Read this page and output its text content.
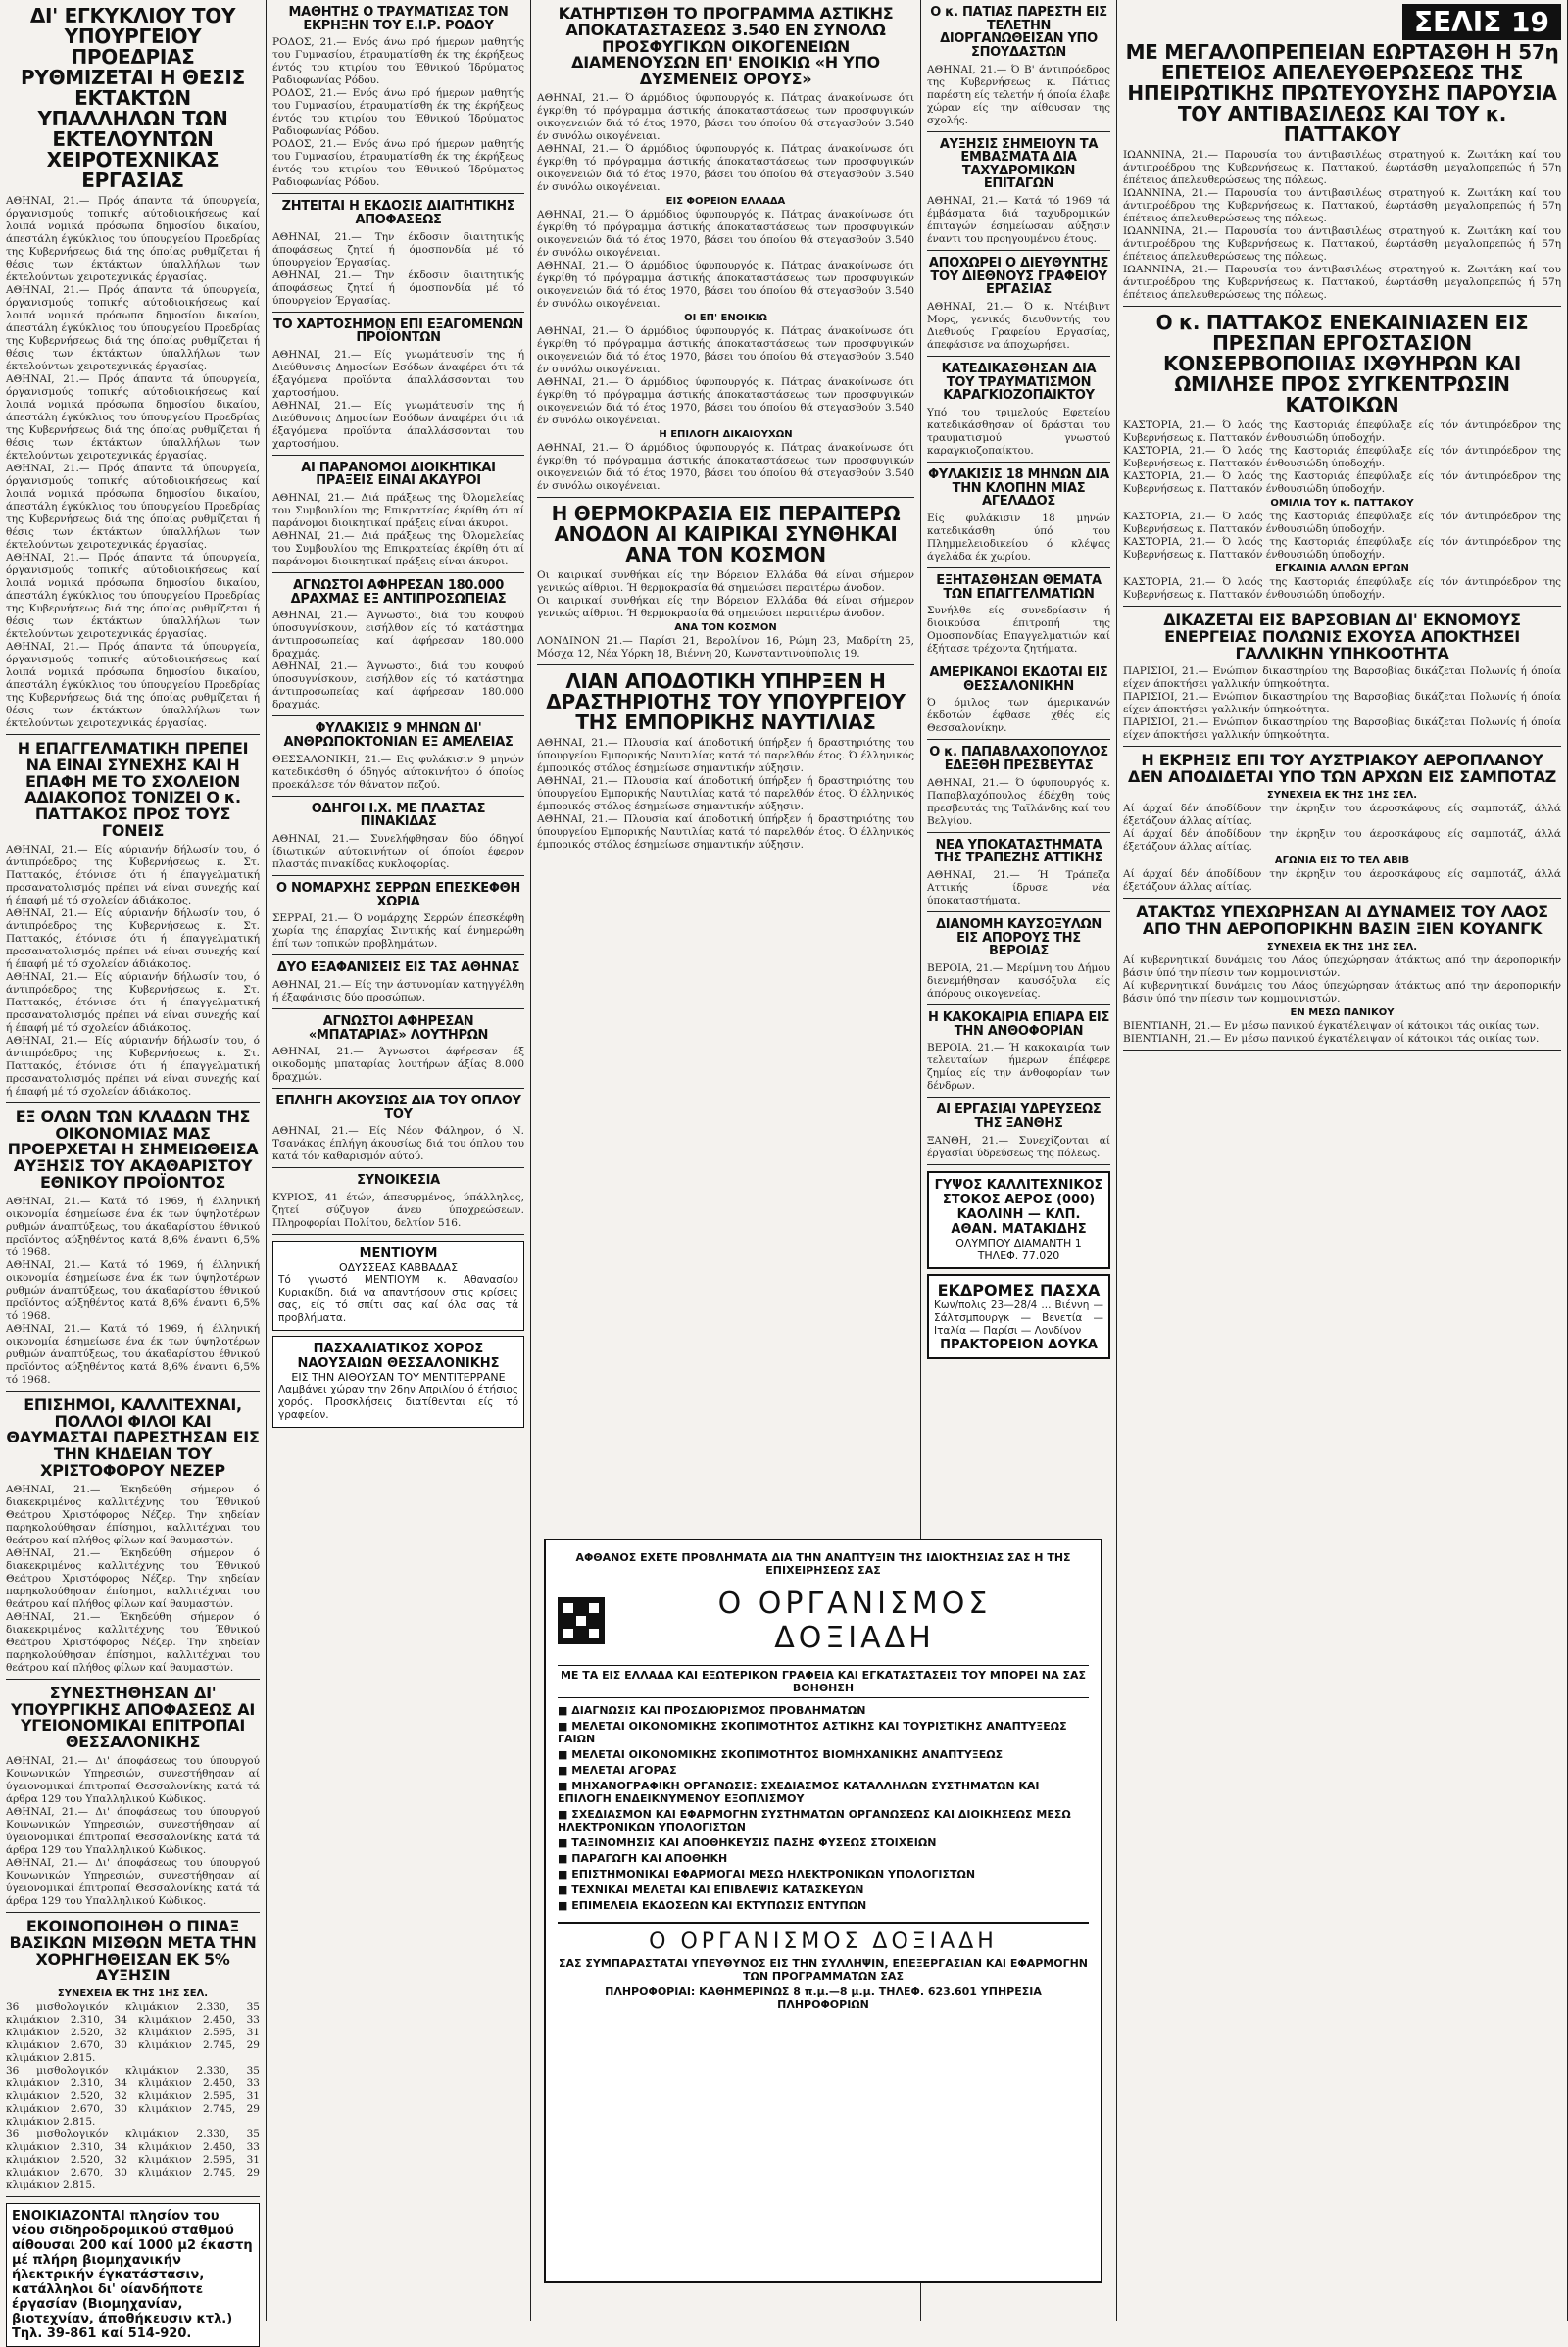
ΔΙ' ΕΓΚΥΚΛΙΟΥ ΤΟΥ ΥΠΟΥΡΓΕΙΟΥ ΠΡΟΕΔΡΙΑΣ ΡΥΘΜΙΖΕΤΑΙ Η ΘΕΣΙΣ ΕΚΤΑΚΤΩΝ ΥΠΑΛΛΗΛΩΝ ΤΩΝ ΕΚΤΕΛΟΥΝΤΩΝ ΧΕΙΡΟΤΕΧΝΙΚΑΣ ΕΡΓΑΣΙΑΣ
ΑΘΗΝΑΙ, 21.— Πρός άπαντα τά ύπουργεία, όργανισμούς τοπικής αύτοδιοικήσεως καί λοιπά νομικά πρόσωπα δημοσίου δικαίου, άπεστάλη έγκύκλιος του ύπουργείου Προεδρίας της Κυβερνήσεως διά της όποίας ρυθμίζεται ή θέσις των έκτάκτων ύπαλλήλων των έκτελούντων χειροτεχνικάς έργασίας.
ΑΘΗΝΑΙ, 21.— Πρός άπαντα τά ύπουργεία, όργανισμούς τοπικής αύτοδιοικήσεως καί λοιπά νομικά πρόσωπα δημοσίου δικαίου, άπεστάλη έγκύκλιος του ύπουργείου Προεδρίας της Κυβερνήσεως διά της όποίας ρυθμίζεται ή θέσις των έκτάκτων ύπαλλήλων των έκτελούντων χειροτεχνικάς έργασίας.
ΑΘΗΝΑΙ, 21.— Πρός άπαντα τά ύπουργεία, όργανισμούς τοπικής αύτοδιοικήσεως καί λοιπά νομικά πρόσωπα δημοσίου δικαίου, άπεστάλη έγκύκλιος του ύπουργείου Προεδρίας της Κυβερνήσεως διά της όποίας ρυθμίζεται ή θέσις των έκτάκτων ύπαλλήλων των έκτελούντων χειροτεχνικάς έργασίας.
ΑΘΗΝΑΙ, 21.— Πρός άπαντα τά ύπουργεία, όργανισμούς τοπικής αύτοδιοικήσεως καί λοιπά νομικά πρόσωπα δημοσίου δικαίου, άπεστάλη έγκύκλιος του ύπουργείου Προεδρίας της Κυβερνήσεως διά της όποίας ρυθμίζεται ή θέσις των έκτάκτων ύπαλλήλων των έκτελούντων χειροτεχνικάς έργασίας.
ΑΘΗΝΑΙ, 21.— Πρός άπαντα τά ύπουργεία, όργανισμούς τοπικής αύτοδιοικήσεως καί λοιπά νομικά πρόσωπα δημοσίου δικαίου, άπεστάλη έγκύκλιος του ύπουργείου Προεδρίας της Κυβερνήσεως διά της όποίας ρυθμίζεται ή θέσις των έκτάκτων ύπαλλήλων των έκτελούντων χειροτεχνικάς έργασίας.
ΑΘΗΝΑΙ, 21.— Πρός άπαντα τά ύπουργεία, όργανισμούς τοπικής αύτοδιοικήσεως καί λοιπά νομικά πρόσωπα δημοσίου δικαίου, άπεστάλη έγκύκλιος του ύπουργείου Προεδρίας της Κυβερνήσεως διά της όποίας ρυθμίζεται ή θέσις των έκτάκτων ύπαλλήλων των έκτελούντων χειροτεχνικάς έργασίας.
Η ΕΠΑΓΓΕΛΜΑΤΙΚΗ ΠΡΕΠΕΙ ΝΑ ΕΙΝΑΙ ΣΥΝΕΧΗΣ ΚΑΙ Η ΕΠΑΦΗ ΜΕ ΤΟ ΣΧΟΛΕΙΟΝ ΑΔΙΑΚΟΠΟΣ ΤΟΝΙΖΕΙ Ο κ. ΠΑΤΤΑΚΟΣ ΠΡΟΣ ΤΟΥΣ ΓΟΝΕΙΣ
ΑΘΗΝΑΙ, 21.— Είς αύριανήν δήλωσίν του, ό άντιπρόεδρος της Κυβερνήσεως κ. Στ. Παττακός, έτόνισε ότι ή έπαγγελματική προσανατολισμός πρέπει νά είναι συνεχής καί ή έπαφή μέ τό σχολείον άδιάκοπος.
ΑΘΗΝΑΙ, 21.— Είς αύριανήν δήλωσίν του, ό άντιπρόεδρος της Κυβερνήσεως κ. Στ. Παττακός, έτόνισε ότι ή έπαγγελματική προσανατολισμός πρέπει νά είναι συνεχής καί ή έπαφή μέ τό σχολείον άδιάκοπος.
ΑΘΗΝΑΙ, 21.— Είς αύριανήν δήλωσίν του, ό άντιπρόεδρος της Κυβερνήσεως κ. Στ. Παττακός, έτόνισε ότι ή έπαγγελματική προσανατολισμός πρέπει νά είναι συνεχής καί ή έπαφή μέ τό σχολείον άδιάκοπος.
ΑΘΗΝΑΙ, 21.— Είς αύριανήν δήλωσίν του, ό άντιπρόεδρος της Κυβερνήσεως κ. Στ. Παττακός, έτόνισε ότι ή έπαγγελματική προσανατολισμός πρέπει νά είναι συνεχής καί ή έπαφή μέ τό σχολείον άδιάκοπος.
ΕΞ ΟΛΩΝ ΤΩΝ ΚΛΑΔΩΝ ΤΗΣ ΟΙΚΟΝΟΜΙΑΣ ΜΑΣ ΠΡΟΕΡΧΕΤΑΙ Η ΣΗΜΕΙΩΘΕΙΣΑ ΑΥΞΗΣΙΣ ΤΟΥ ΑΚΑΘΑΡΙΣΤΟΥ ΕΘΝΙΚΟΥ ΠΡΟΪΟΝΤΟΣ
ΑΘΗΝΑΙ, 21.— Κατά τό 1969, ή έλληνική οικονομία έσημείωσε ένα έκ των ύψηλοτέρων ρυθμών άναπτύξεως, του άκαθαρίστου έθνικού προϊόντος αύξηθέντος κατά 8,6% έναντι 6,5% τό 1968.
ΑΘΗΝΑΙ, 21.— Κατά τό 1969, ή έλληνική οικονομία έσημείωσε ένα έκ των ύψηλοτέρων ρυθμών άναπτύξεως, του άκαθαρίστου έθνικού προϊόντος αύξηθέντος κατά 8,6% έναντι 6,5% τό 1968.
ΑΘΗΝΑΙ, 21.— Κατά τό 1969, ή έλληνική οικονομία έσημείωσε ένα έκ των ύψηλοτέρων ρυθμών άναπτύξεως, του άκαθαρίστου έθνικού προϊόντος αύξηθέντος κατά 8,6% έναντι 6,5% τό 1968.
ΕΠΙΣΗΜΟΙ, ΚΑΛΛΙΤΕΧΝΑΙ, ΠΟΛΛΟΙ ΦΙΛΟΙ ΚΑΙ ΘΑΥΜΑΣΤΑΙ ΠΑΡΕΣΤΗΣΑΝ ΕΙΣ ΤΗΝ ΚΗΔΕΙΑΝ ΤΟΥ ΧΡΙΣΤΟΦΟΡΟΥ ΝΕΖΕΡ
ΑΘΗΝΑΙ, 21.— Έκηδεύθη σήμερον ό διακεκριμένος καλλιτέχνης του Έθνικού Θεάτρου Χριστόφορος Νέζερ. Την κηδείαν παρηκολούθησαν έπίσημοι, καλλιτέχναι του θεάτρου καί πλήθος φίλων καί θαυμαστών.
ΑΘΗΝΑΙ, 21.— Έκηδεύθη σήμερον ό διακεκριμένος καλλιτέχνης του Έθνικού Θεάτρου Χριστόφορος Νέζερ. Την κηδείαν παρηκολούθησαν έπίσημοι, καλλιτέχναι του θεάτρου καί πλήθος φίλων καί θαυμαστών.
ΑΘΗΝΑΙ, 21.— Έκηδεύθη σήμερον ό διακεκριμένος καλλιτέχνης του Έθνικού Θεάτρου Χριστόφορος Νέζερ. Την κηδείαν παρηκολούθησαν έπίσημοι, καλλιτέχναι του θεάτρου καί πλήθος φίλων καί θαυμαστών.
ΣΥΝΕΣΤΗΘΗΣΑΝ ΔΙ' ΥΠΟΥΡΓΙΚΗΣ ΑΠΟΦΑΣΕΩΣ ΑΙ ΥΓΕΙΟΝΟΜΙΚΑΙ ΕΠΙΤΡΟΠΑΙ ΘΕΣΣΑΛΟΝΙΚΗΣ
ΑΘΗΝΑΙ, 21.— Δι' άποφάσεως του ύπουργού Κοινωνικών Υπηρεσιών, συνεστήθησαν αί ύγειονομικαί έπιτροπαί Θεσσαλονίκης κατά τά άρθρα 129 του Υπαλληλικού Κώδικος.
ΑΘΗΝΑΙ, 21.— Δι' άποφάσεως του ύπουργού Κοινωνικών Υπηρεσιών, συνεστήθησαν αί ύγειονομικαί έπιτροπαί Θεσσαλονίκης κατά τά άρθρα 129 του Υπαλληλικού Κώδικος.
ΑΘΗΝΑΙ, 21.— Δι' άποφάσεως του ύπουργού Κοινωνικών Υπηρεσιών, συνεστήθησαν αί ύγειονομικαί έπιτροπαί Θεσσαλονίκης κατά τά άρθρα 129 του Υπαλληλικού Κώδικος.
ΕΚΟΙΝΟΠΟΙΗΘΗ Ο ΠΙΝΑΞ ΒΑΣΙΚΩΝ ΜΙΣΘΩΝ ΜΕΤΑ ΤΗΝ ΧΟΡΗΓΗΘΕΙΣΑΝ ΕΚ 5% ΑΥΞΗΣΙΝ
ΣΥΝΕΧΕΙΑ ΕΚ ΤΗΣ 1ΗΣ ΣΕΛ.
36 μισθολογικόν κλιμάκιον 2.330, 35 κλιμάκιον 2.310, 34 κλιμάκιον 2.450, 33 κλιμάκιον 2.520, 32 κλιμάκιον 2.595, 31 κλιμάκιον 2.670, 30 κλιμάκιον 2.745, 29 κλιμάκιον 2.815.
36 μισθολογικόν κλιμάκιον 2.330, 35 κλιμάκιον 2.310, 34 κλιμάκιον 2.450, 33 κλιμάκιον 2.520, 32 κλιμάκιον 2.595, 31 κλιμάκιον 2.670, 30 κλιμάκιον 2.745, 29 κλιμάκιον 2.815.
36 μισθολογικόν κλιμάκιον 2.330, 35 κλιμάκιον 2.310, 34 κλιμάκιον 2.450, 33 κλιμάκιον 2.520, 32 κλιμάκιον 2.595, 31 κλιμάκιον 2.670, 30 κλιμάκιον 2.745, 29 κλιμάκιον 2.815.
ΕΝΟΙΚΙΑΖΟΝΤΑΙ πλησίον του νέου σιδηροδρομικού σταθμού αίθουσαι 200 καί 1000 μ2 έκαστη μέ πλήρη βιομηχανικήν ήλεκτρικήν έγκατάστασιν, κατάλληλοι δι' οίανδήποτε έργασίαν (Βιομηχανίαν, βιοτεχνίαν, άποθήκευσιν κτλ.) Τηλ. 39-861 καί 514-920.
ΜΑΘΗΤΗΣ Ο ΤΡΑΥΜΑΤΙΣΑΣ ΤΟΝ ΕΚΡΗΞΗΝ ΤΟΥ Ε.Ι.Ρ. ΡΟΔΟΥ
ΡΟΔΟΣ, 21.— Ενός άνω πρό ήμερων μαθητής του Γυμνασίου, έτραυματίσθη έκ της έκρήξεως έντός του κτιρίου του Έθνικού Ίδρύματος Ραδιοφωνίας Ρόδου.
ΡΟΔΟΣ, 21.— Ενός άνω πρό ήμερων μαθητής του Γυμνασίου, έτραυματίσθη έκ της έκρήξεως έντός του κτιρίου του Έθνικού Ίδρύματος Ραδιοφωνίας Ρόδου.
ΡΟΔΟΣ, 21.— Ενός άνω πρό ήμερων μαθητής του Γυμνασίου, έτραυματίσθη έκ της έκρήξεως έντός του κτιρίου του Έθνικού Ίδρύματος Ραδιοφωνίας Ρόδου.
ΖΗΤΕΙΤΑΙ Η ΕΚΔΟΣΙΣ ΔΙΑΙΤΗΤΙΚΗΣ ΑΠΟΦΑΣΕΩΣ
ΑΘΗΝΑΙ, 21.— Την έκδοσιν διαιτητικής άποφάσεως ζητεί ή όμοσπονδία μέ τό ύπουργείον Έργασίας.
ΑΘΗΝΑΙ, 21.— Την έκδοσιν διαιτητικής άποφάσεως ζητεί ή όμοσπονδία μέ τό ύπουργείον Έργασίας.
ΤΟ ΧΑΡΤΟΣΗΜΟΝ ΕΠΙ ΕΞΑΓΟΜΕΝΩΝ ΠΡΟΪΟΝΤΩΝ
ΑΘΗΝΑΙ, 21.— Είς γνωμάτευσίν της ή Διεύθυνσις Δημοσίων Εσόδων άναφέρει ότι τά έξαγόμενα προϊόντα άπαλλάσσονται του χαρτοσήμου.
ΑΘΗΝΑΙ, 21.— Είς γνωμάτευσίν της ή Διεύθυνσις Δημοσίων Εσόδων άναφέρει ότι τά έξαγόμενα προϊόντα άπαλλάσσονται του χαρτοσήμου.
ΑΙ ΠΑΡΑΝΟΜΟΙ ΔΙΟΙΚΗΤΙΚΑΙ ΠΡΑΞΕΙΣ ΕΙΝΑΙ ΑΚΑΥΡΟΙ
ΑΘΗΝΑΙ, 21.— Διά πράξεως της Όλομελείας του Συμβουλίου της Επικρατείας έκρίθη ότι αί παράνομοι διοικητικαί πράξεις είναι άκυροι.
ΑΘΗΝΑΙ, 21.— Διά πράξεως της Όλομελείας του Συμβουλίου της Επικρατείας έκρίθη ότι αί παράνομοι διοικητικαί πράξεις είναι άκυροι.
ΑΓΝΩΣΤΟΙ ΑΦΗΡΕΣΑΝ 180.000 ΔΡΑΧΜΑΣ ΕΞ ΑΝΤΙΠΡΟΣΩΠΕΙΑΣ
ΑΘΗΝΑΙ, 21.— Άγνωστοι, διά του κουφού ύποσυγνίσκουν, εισήλθον είς τό κατάστημα άντιπροσωπείας καί άφήρεσαν 180.000 δραχμάς.
ΑΘΗΝΑΙ, 21.— Άγνωστοι, διά του κουφού ύποσυγνίσκουν, εισήλθον είς τό κατάστημα άντιπροσωπείας καί άφήρεσαν 180.000 δραχμάς.
ΦΥΛΑΚΙΣΙΣ 9 ΜΗΝΩΝ ΔΙ' ΑΝΘΡΩΠΟΚΤΟΝΙΑΝ ΕΞ ΑΜΕΛΕΙΑΣ
ΘΕΣΣΑΛΟΝΙΚΗ, 21.— Εις φυλάκισιν 9 μηνών κατεδικάσθη ό όδηγός αύτοκινήτου ό όποίος προεκάλεσε τόν θάνατον πεζού.
ΟΔΗΓΟΙ Ι.Χ. ΜΕ ΠΛΑΣΤΑΣ ΠΙΝΑΚΙΔΑΣ
ΑΘΗΝΑΙ, 21.— Συνελήφθησαν δύο όδηγοί ίδιωτικών αύτοκινήτων οί όποίοι έφερον πλαστάς πινακίδας κυκλοφορίας.
Ο ΝΟΜΑΡΧΗΣ ΣΕΡΡΩΝ ΕΠΕΣΚΕΦΘΗ ΧΩΡΙΑ
ΣΕΡΡΑΙ, 21.— Ό νομάρχης Σερρών έπεσκέφθη χωρία της έπαρχίας Σιντικής καί ένημερώθη έπί των τοπικών προβλημάτων.
ΔΥΟ ΕΞΑΦΑΝΙΣΕΙΣ ΕΙΣ ΤΑΣ ΑΘΗΝΑΣ
ΑΘΗΝΑΙ, 21.— Είς την άστυνομίαν κατηγγέλθη ή έξαφάνισις δύο προσώπων.
ΑΓΝΩΣΤΟΙ ΑΦΗΡΕΣΑΝ «ΜΠΑΤΑΡΙΑΣ» ΛΟΥΤΗΡΩΝ
ΑΘΗΝΑΙ, 21.— Άγνωστοι άφήρεσαν έξ οικοδομής μπαταρίας λουτήρων άξίας 8.000 δραχμών.
ΕΠΛΗΓΗ ΑΚΟΥΣΙΩΣ ΔΙΑ ΤΟΥ ΟΠΛΟΥ ΤΟΥ
ΑΘΗΝΑΙ, 21.— Είς Νέον Φάληρον, ό Ν. Τσανάκας έπλήγη άκουσίως διά του όπλου του κατά τόν καθαρισμόν αύτού.
ΣΥΝΟΙΚΕΣΙΑ
ΚΥΡΙΟΣ, 41 έτών, άπεσυρμένος, ύπάλληλος, ζητεί σύζυγον άνευ ύποχρεώσεων. Πληροφορίαι Πολίτου, δελτίον 516.
ΜΕΝΤΙΟΥΜ
ΟΔΥΣΣΕΑΣ ΚΑΒΒΑΔΑΣ
Τό γνωστό ΜΕΝΤΙΟΥΜ κ. Αθανασίου Κυριακίδη, διά να απαντήσουν στις κρίσεις σας, είς τό σπίτι σας καί όλα σας τά προβλήματα.
ΠΑΣΧΑΛΙΑΤΙΚΟΣ ΧΟΡΟΣ ΝΑΟΥΣΑΙΩΝ ΘΕΣΣΑΛΟΝΙΚΗΣ
ΕΙΣ ΤΗΝ ΑΙΘΟΥΣΑΝ ΤΟΥ ΜΕΝΤΙΤΕΡΡΑΝΕ
Λαμβάνει χώραν την 26ην Απριλίου ό έτήσιος χορός. Προσκλήσεις διατίθενται είς τό γραφείον.
ΚΑΤΗΡΤΙΣΘΗ ΤΟ ΠΡΟΓΡΑΜΜΑ ΑΣΤΙΚΗΣ ΑΠΟΚΑΤΑΣΤΑΣΕΩΣ 3.540 ΕΝ ΣΥΝΟΛΩ ΠΡΟΣΦΥΓΙΚΩΝ ΟΙΚΟΓΕΝΕΙΩΝ ΔΙΑΜΕΝΟΥΣΩΝ ΕΠ' ΕΝΟΙΚΙΩ «Η ΥΠΟ ΔΥΣΜΕΝΕΙΣ ΟΡΟΥΣ»
ΑΘΗΝΑΙ, 21.— Ό άρμόδιος ύφυπουργός κ. Πάτρας άνακοίνωσε ότι έγκρίθη τό πρόγραμμα άστικής άποκαταστάσεως των προσφυγικών οικογενειών διά τό έτος 1970, βάσει του όποίου θά στεγασθούν 3.540 έν συνόλω οικογένειαι.
ΑΘΗΝΑΙ, 21.— Ό άρμόδιος ύφυπουργός κ. Πάτρας άνακοίνωσε ότι έγκρίθη τό πρόγραμμα άστικής άποκαταστάσεως των προσφυγικών οικογενειών διά τό έτος 1970, βάσει του όποίου θά στεγασθούν 3.540 έν συνόλω οικογένειαι.
ΕΙΣ ΦΟΡΕΙΟΝ ΕΛΛΑΔΑ
ΑΘΗΝΑΙ, 21.— Ό άρμόδιος ύφυπουργός κ. Πάτρας άνακοίνωσε ότι έγκρίθη τό πρόγραμμα άστικής άποκαταστάσεως των προσφυγικών οικογενειών διά τό έτος 1970, βάσει του όποίου θά στεγασθούν 3.540 έν συνόλω οικογένειαι.
ΑΘΗΝΑΙ, 21.— Ό άρμόδιος ύφυπουργός κ. Πάτρας άνακοίνωσε ότι έγκρίθη τό πρόγραμμα άστικής άποκαταστάσεως των προσφυγικών οικογενειών διά τό έτος 1970, βάσει του όποίου θά στεγασθούν 3.540 έν συνόλω οικογένειαι.
ΟΙ ΕΠ' ΕΝΟΙΚΙΩ
ΑΘΗΝΑΙ, 21.— Ό άρμόδιος ύφυπουργός κ. Πάτρας άνακοίνωσε ότι έγκρίθη τό πρόγραμμα άστικής άποκαταστάσεως των προσφυγικών οικογενειών διά τό έτος 1970, βάσει του όποίου θά στεγασθούν 3.540 έν συνόλω οικογένειαι.
ΑΘΗΝΑΙ, 21.— Ό άρμόδιος ύφυπουργός κ. Πάτρας άνακοίνωσε ότι έγκρίθη τό πρόγραμμα άστικής άποκαταστάσεως των προσφυγικών οικογενειών διά τό έτος 1970, βάσει του όποίου θά στεγασθούν 3.540 έν συνόλω οικογένειαι.
Η ΕΠΙΛΟΓΗ ΔΙΚΑΙΟΥΧΩΝ
ΑΘΗΝΑΙ, 21.— Ό άρμόδιος ύφυπουργός κ. Πάτρας άνακοίνωσε ότι έγκρίθη τό πρόγραμμα άστικής άποκαταστάσεως των προσφυγικών οικογενειών διά τό έτος 1970, βάσει του όποίου θά στεγασθούν 3.540 έν συνόλω οικογένειαι.
Η ΘΕΡΜΟΚΡΑΣΙΑ ΕΙΣ ΠΕΡΑΙΤΕΡΩ ΑΝΟΔΟΝ ΑΙ ΚΑΙΡΙΚΑΙ ΣΥΝΘΗΚΑΙ ΑΝΑ ΤΟΝ ΚΟΣΜΟΝ
Οι καιρικαί συνθήκαι είς την Βόρειον Ελλάδα θά είναι σήμερον γενικώς αίθριοι. Ή θερμοκρασία θά σημειώσει περαιτέρω άνοδον.
Οι καιρικαί συνθήκαι είς την Βόρειον Ελλάδα θά είναι σήμερον γενικώς αίθριοι. Ή θερμοκρασία θά σημειώσει περαιτέρω άνοδον.
ΑΝΑ ΤΟΝ ΚΟΣΜΟΝ
ΛΟΝΔΙΝΟΝ 21.— Παρίσι 21, Βερολίνον 16, Ρώμη 23, Μαδρίτη 25, Μόσχα 12, Νέα Υόρκη 18, Βιέννη 20, Κωνσταντινούπολις 19.
ΛΙΑΝ ΑΠΟΔΟΤΙΚΗ ΥΠΗΡΞΕΝ Η ΔΡΑΣΤΗΡΙΟΤΗΣ ΤΟΥ ΥΠΟΥΡΓΕΙΟΥ ΤΗΣ ΕΜΠΟΡΙΚΗΣ ΝΑΥΤΙΛΙΑΣ
ΑΘΗΝΑΙ, 21.— Πλουσία καί άποδοτική ύπήρξεν ή δραστηριότης του ύπουργείου Εμπορικής Ναυτιλίας κατά τό παρελθόν έτος. Ό έλληνικός έμπορικός στόλος έσημείωσε σημαντικήν αύξησιν.
ΑΘΗΝΑΙ, 21.— Πλουσία καί άποδοτική ύπήρξεν ή δραστηριότης του ύπουργείου Εμπορικής Ναυτιλίας κατά τό παρελθόν έτος. Ό έλληνικός έμπορικός στόλος έσημείωσε σημαντικήν αύξησιν.
ΑΘΗΝΑΙ, 21.— Πλουσία καί άποδοτική ύπήρξεν ή δραστηριότης του ύπουργείου Εμπορικής Ναυτιλίας κατά τό παρελθόν έτος. Ό έλληνικός έμπορικός στόλος έσημείωσε σημαντικήν αύξησιν.
Ο κ. ΠΑΤΙΑΣ ΠΑΡΕΣΤΗ ΕΙΣ ΤΕΛΕΤΗΝ ΔΙΟΡΓΑΝΩΘΕΙΣΑΝ ΥΠΟ ΣΠΟΥΔΑΣΤΩΝ
ΑΘΗΝΑΙ, 21.— Ό Β' άντιπρόεδρος της Κυβερνήσεως κ. Πάτιας παρέστη είς τελετήν ή όποία έλαβε χώραν είς την αίθουσαν της σχολής.
ΑΥΞΗΣΙΣ ΣΗΜΕΙΟΥΝ ΤΑ ΕΜΒΑΣΜΑΤΑ ΔΙΑ ΤΑΧΥΔΡΟΜΙΚΩΝ ΕΠΙΤΑΓΩΝ
ΑΘΗΝΑΙ, 21.— Κατά τό 1969 τά έμβάσματα διά ταχυδρομικών έπιταγών έσημείωσαν αύξησιν έναντι του προηγουμένου έτους.
ΑΠΟΧΩΡΕΙ Ο ΔΙΕΥΘΥΝΤΗΣ ΤΟΥ ΔΙΕΘΝΟΥΣ ΓΡΑΦΕΙΟΥ ΕΡΓΑΣΙΑΣ
ΑΘΗΝΑΙ, 21.— Ό κ. Ντέιβιντ Μορς, γενικός διευθυντής του Διεθνούς Γραφείου Εργασίας, άπεφάσισε να άποχωρήσει.
ΚΑΤΕΔΙΚΑΣΘΗΣΑΝ ΔΙΑ ΤΟΥ ΤΡΑΥΜΑΤΙΣΜΟΝ ΚΑΡΑΓΚΙΟΖΟΠΑΙΚΤΟΥ
Υπό του τριμελούς Εφετείου κατεδικάσθησαν οί δράσται του τραυματισμού γνωστού καραγκιοζοπαίκτου.
ΦΥΛΑΚΙΣΙΣ 18 ΜΗΝΩΝ ΔΙΑ ΤΗΝ ΚΛΟΠΗΝ ΜΙΑΣ ΑΓΕΛΑΔΟΣ
Είς φυλάκισιν 18 μηνών κατεδικάσθη ύπό του Πλημμελειοδικείου ό κλέψας άγελάδα έκ χωρίου.
ΕΞΗΤΑΣΘΗΣΑΝ ΘΕΜΑΤΑ ΤΩΝ ΕΠΑΓΓΕΛΜΑΤΙΩΝ
Συνήλθε είς συνεδρίασιν ή διοικούσα έπιτροπή της Ομοσπονδίας Επαγγελματιών καί έξήτασε τρέχοντα ζητήματα.
ΑΜΕΡΙΚΑΝΟΙ ΕΚΔΟΤΑΙ ΕΙΣ ΘΕΣΣΑΛΟΝΙΚΗΝ
Ό όμιλος των άμερικανών έκδοτών έφθασε χθές είς Θεσσαλονίκην.
Ο κ. ΠΑΠΑΒΛΑΧΟΠΟΥΛΟΣ ΕΔΕΞΘΗ ΠΡΕΣΒΕΥΤΑΣ
ΑΘΗΝΑΙ, 21.— Ό ύφυπουργός κ. Παπαβλαχόπουλος έδέχθη τούς πρεσβευτάς της Ταϊλάνδης καί του Βελγίου.
ΝΕΑ ΥΠΟΚΑΤΑΣΤΗΜΑΤΑ ΤΗΣ ΤΡΑΠΕΖΗΣ ΑΤΤΙΚΗΣ
ΑΘΗΝΑΙ, 21.— Ή Τράπεζα Αττικής ίδρυσε νέα ύποκαταστήματα.
ΔΙΑΝΟΜΗ ΚΑΥΣΟΞΥΛΩΝ ΕΙΣ ΑΠΟΡΟΥΣ ΤΗΣ ΒΕΡΟΙΑΣ
ΒΕΡΟΙΑ, 21.— Μερίμνη του Δήμου διενεμήθησαν καυσόξυλα είς άπόρους οικογενείας.
Η ΚΑΚΟΚΑΙΡΙΑ ΕΠΙΑΡΑ ΕΙΣ ΤΗΝ ΑΝΘΟΦΟΡΙΑΝ
ΒΕΡΟΙΑ, 21.— Ή κακοκαιρία των τελευταίων ήμερων έπέφερε ζημίας είς την άνθοφορίαν των δένδρων.
ΑΙ ΕΡΓΑΣΙΑΙ ΥΔΡΕΥΣΕΩΣ ΤΗΣ ΞΑΝΘΗΣ
ΞΑΝΘΗ, 21.— Συνεχίζονται αί έργασίαι ύδρεύσεως της πόλεως.
ΓΥΨΟΣ ΚΑΛΛΙΤΕΧΝΙΚΟΣ
ΣΤΟΚΟΣ ΑΕΡΟΣ (000)
ΚΑΟΛΙΝΗ — ΚΛΠ.
ΑΘΑΝ. ΜΑΤΑΚΙΔΗΣ
ΟΛΥΜΠΟΥ ΔΙΑΜΑΝΤΗ 1
ΤΗΛΕΦ. 77.020
ΕΚΔΡΟΜΕΣ ΠΑΣΧΑ
Κων/πολις 23—28/4 ... Βιέννη — Σάλτσμπουργκ — Βενετία — Ιταλία — Παρίσι — Λονδίνον
ΠΡΑΚΤΟΡΕΙΟΝ ΔΟΥΚΑ
ΣΕΛΙΣ 19
ΜΕ ΜΕΓΑΛΟΠΡΕΠΕΙΑΝ ΕΩΡΤΑΣΘΗ Η 57η ΕΠΕΤΕΙΟΣ ΑΠΕΛΕΥΘΕΡΩΣΕΩΣ ΤΗΣ ΗΠΕΙΡΩΤΙΚΗΣ ΠΡΩΤΕΥΟΥΣΗΣ ΠΑΡΟΥΣΙΑ ΤΟΥ ΑΝΤΙΒΑΣΙΛΕΩΣ ΚΑΙ ΤΟΥ κ. ΠΑΤΤΑΚΟΥ
ΙΩΑΝΝΙΝΑ, 21.— Παρουσία του άντιβασιλέως στρατηγού κ. Ζωιτάκη καί του άντιπροέδρου της Κυβερνήσεως κ. Παττακού, έωρτάσθη μεγαλοπρεπώς ή 57η έπέτειος άπελευθερώσεως της πόλεως.
ΙΩΑΝΝΙΝΑ, 21.— Παρουσία του άντιβασιλέως στρατηγού κ. Ζωιτάκη καί του άντιπροέδρου της Κυβερνήσεως κ. Παττακού, έωρτάσθη μεγαλοπρεπώς ή 57η έπέτειος άπελευθερώσεως της πόλεως.
ΙΩΑΝΝΙΝΑ, 21.— Παρουσία του άντιβασιλέως στρατηγού κ. Ζωιτάκη καί του άντιπροέδρου της Κυβερνήσεως κ. Παττακού, έωρτάσθη μεγαλοπρεπώς ή 57η έπέτειος άπελευθερώσεως της πόλεως.
ΙΩΑΝΝΙΝΑ, 21.— Παρουσία του άντιβασιλέως στρατηγού κ. Ζωιτάκη καί του άντιπροέδρου της Κυβερνήσεως κ. Παττακού, έωρτάσθη μεγαλοπρεπώς ή 57η έπέτειος άπελευθερώσεως της πόλεως.
Ο κ. ΠΑΤΤΑΚΟΣ ΕΝΕΚΑΙΝΙΑΣΕΝ ΕΙΣ ΠΡΕΣΠΑΝ ΕΡΓΟΣΤΑΣΙΟΝ ΚΟΝΣΕΡΒΟΠΟΙΙΑΣ ΙΧΘΥΗΡΩΝ ΚΑΙ ΩΜΙΛΗΣΕ ΠΡΟΣ ΣΥΓΚΕΝΤΡΩΣΙΝ ΚΑΤΟΙΚΩΝ
ΚΑΣΤΟΡΙΑ, 21.— Ό λαός της Καστοριάς έπεφύλαξε είς τόν άντιπρόεδρον της Κυβερνήσεως κ. Παττακόν ένθουσιώδη ύποδοχήν.
ΚΑΣΤΟΡΙΑ, 21.— Ό λαός της Καστοριάς έπεφύλαξε είς τόν άντιπρόεδρον της Κυβερνήσεως κ. Παττακόν ένθουσιώδη ύποδοχήν.
ΚΑΣΤΟΡΙΑ, 21.— Ό λαός της Καστοριάς έπεφύλαξε είς τόν άντιπρόεδρον της Κυβερνήσεως κ. Παττακόν ένθουσιώδη ύποδοχήν.
ΟΜΙΛΙΑ ΤΟΥ κ. ΠΑΤΤΑΚΟΥ
ΚΑΣΤΟΡΙΑ, 21.— Ό λαός της Καστοριάς έπεφύλαξε είς τόν άντιπρόεδρον της Κυβερνήσεως κ. Παττακόν ένθουσιώδη ύποδοχήν.
ΚΑΣΤΟΡΙΑ, 21.— Ό λαός της Καστοριάς έπεφύλαξε είς τόν άντιπρόεδρον της Κυβερνήσεως κ. Παττακόν ένθουσιώδη ύποδοχήν.
ΕΓΚΑΙΝΙΑ ΑΛΛΩΝ ΕΡΓΩΝ
ΚΑΣΤΟΡΙΑ, 21.— Ό λαός της Καστοριάς έπεφύλαξε είς τόν άντιπρόεδρον της Κυβερνήσεως κ. Παττακόν ένθουσιώδη ύποδοχήν.
ΔΙΚΑΖΕΤΑΙ ΕΙΣ ΒΑΡΣΟΒΙΑΝ ΔΙ' ΕΚΝΟΜΟΥΣ ΕΝΕΡΓΕΙΑΣ ΠΟΛΩΝΙΣ ΕΧΟΥΣΑ ΑΠΟΚΤΗΣΕΙ ΓΑΛΛΙΚΗΝ ΥΠΗΚΟΟΤΗΤΑ
ΠΑΡΙΣΙΟΙ, 21.— Ενώπιον δικαστηρίου της Βαρσοβίας δικάζεται Πολωνίς ή όποία είχεν άποκτήσει γαλλικήν ύπηκοότητα.
ΠΑΡΙΣΙΟΙ, 21.— Ενώπιον δικαστηρίου της Βαρσοβίας δικάζεται Πολωνίς ή όποία είχεν άποκτήσει γαλλικήν ύπηκοότητα.
ΠΑΡΙΣΙΟΙ, 21.— Ενώπιον δικαστηρίου της Βαρσοβίας δικάζεται Πολωνίς ή όποία είχεν άποκτήσει γαλλικήν ύπηκοότητα.
Η ΕΚΡΗΞΙΣ ΕΠΙ ΤΟΥ ΑΥΣΤΡΙΑΚΟΥ ΑΕΡΟΠΛΑΝΟΥ ΔΕΝ ΑΠΟΔΙΔΕΤΑΙ ΥΠΟ ΤΩΝ ΑΡΧΩΝ ΕΙΣ ΣΑΜΠΟΤΑΖ
ΣΥΝΕΧΕΙΑ ΕΚ ΤΗΣ 1ΗΣ ΣΕΛ.
Αί άρχαί δέν άποδίδουν την έκρηξιν του άεροσκάφους είς σαμποτάζ, άλλά έξετάζουν άλλας αίτίας.
Αί άρχαί δέν άποδίδουν την έκρηξιν του άεροσκάφους είς σαμποτάζ, άλλά έξετάζουν άλλας αίτίας.
ΑΓΩΝΙΑ ΕΙΣ ΤΟ ΤΕΛ ΑΒΙΒ
Αί άρχαί δέν άποδίδουν την έκρηξιν του άεροσκάφους είς σαμποτάζ, άλλά έξετάζουν άλλας αίτίας.
ΑΤΑΚΤΩΣ ΥΠΕΧΩΡΗΣΑΝ ΑΙ ΔΥΝΑΜΕΙΣ ΤΟΥ ΛΑΟΣ ΑΠΟ ΤΗΝ ΑΕΡΟΠΟΡΙΚΗΝ ΒΑΣΙΝ ΞΙΕΝ ΚΟΥΑΝΓΚ
ΣΥΝΕΧΕΙΑ ΕΚ ΤΗΣ 1ΗΣ ΣΕΛ.
Αί κυβερνητικαί δυνάμεις του Λάος ύπεχώρησαν άτάκτως από την άεροπορικήν βάσιν ύπό την πίεσιν των κομμουνιστών.
Αί κυβερνητικαί δυνάμεις του Λάος ύπεχώρησαν άτάκτως από την άεροπορικήν βάσιν ύπό την πίεσιν των κομμουνιστών.
ΕΝ ΜΕΣΩ ΠΑΝΙΚΟΥ
ΒΙΕΝΤΙΑΝΗ, 21.— Εν μέσω πανικού έγκατέλειψαν οί κάτοικοι τάς οικίας των.
ΒΙΕΝΤΙΑΝΗ, 21.— Εν μέσω πανικού έγκατέλειψαν οί κάτοικοι τάς οικίας των.
ΑΦΘΑΝΟΣ ΕΧΕΤΕ ΠΡΟΒΛΗΜΑΤΑ ΔΙΑ ΤΗΝ ΑΝΑΠΤΥΞΙΝ ΤΗΣ ΙΔΙΟΚΤΗΣΙΑΣ ΣΑΣ Η ΤΗΣ ΕΠΙΧΕΙΡΗΣΕΩΣ ΣΑΣ
Ο ΟΡΓΑΝΙΣΜΟΣ
ΔΟΞΙΑΔΗ
ΜΕ ΤΑ ΕΙΣ ΕΛΛΑΔΑ ΚΑΙ ΕΞΩΤΕΡΙΚΟΝ ΓΡΑΦΕΙΑ ΚΑΙ ΕΓΚΑΤΑΣΤΑΣΕΙΣ ΤΟΥ ΜΠΟΡΕΙ ΝΑ ΣΑΣ ΒΟΗΘΗΣΗ
■ ΔΙΑΓΝΩΣΙΣ ΚΑΙ ΠΡΟΣΔΙΟΡΙΣΜΟΣ ΠΡΟΒΛΗΜΑΤΩΝ
■ ΜΕΛΕΤΑΙ ΟΙΚΟΝΟΜΙΚΗΣ ΣΚΟΠΙΜΟΤΗΤΟΣ ΑΣΤΙΚΗΣ ΚΑΙ ΤΟΥΡΙΣΤΙΚΗΣ ΑΝΑΠΤΥΞΕΩΣ ΓΑΙΩΝ
■ ΜΕΛΕΤΑΙ ΟΙΚΟΝΟΜΙΚΗΣ ΣΚΟΠΙΜΟΤΗΤΟΣ ΒΙΟΜΗΧΑΝΙΚΗΣ ΑΝΑΠΤΥΞΕΩΣ
■ ΜΕΛΕΤΑΙ ΑΓΟΡΑΣ
■ ΜΗΧΑΝΟΓΡΑΦΙΚΗ ΟΡΓΑΝΩΣΙΣ: ΣΧΕΔΙΑΣΜΟΣ ΚΑΤΑΛΛΗΛΩΝ ΣΥΣΤΗΜΑΤΩΝ ΚΑΙ ΕΠΙΛΟΓΗ ΕΝΔΕΙΚΝΥΜΕΝΟΥ ΕΞΟΠΛΙΣΜΟΥ
■ ΣΧΕΔΙΑΣΜΟΝ ΚΑΙ ΕΦΑΡΜΟΓΗΝ ΣΥΣΤΗΜΑΤΩΝ ΟΡΓΑΝΩΣΕΩΣ ΚΑΙ ΔΙΟΙΚΗΣΕΩΣ ΜΕΣΩ ΗΛΕΚΤΡΟΝΙΚΩΝ ΥΠΟΛΟΓΙΣΤΩΝ
■ ΤΑΞΙΝΟΜΗΣΙΣ ΚΑΙ ΑΠΟΘΗΚΕΥΣΙΣ ΠΑΣΗΣ ΦΥΣΕΩΣ ΣΤΟΙΧΕΙΩΝ
■ ΠΑΡΑΓΩΓΗ ΚΑΙ ΑΠΟΘΗΚΗ
■ ΕΠΙΣΤΗΜΟΝΙΚΑΙ ΕΦΑΡΜΟΓΑΙ ΜΕΣΩ ΗΛΕΚΤΡΟΝΙΚΩΝ ΥΠΟΛΟΓΙΣΤΩΝ
■ ΤΕΧΝΙΚΑΙ ΜΕΛΕΤΑΙ ΚΑΙ ΕΠΙΒΛΕΨΙΣ ΚΑΤΑΣΚΕΥΩΝ
■ ΕΠΙΜΕΛΕΙΑ ΕΚΔΟΣΕΩΝ ΚΑΙ ΕΚΤΥΠΩΣΙΣ ΕΝΤΥΠΩΝ
Ο ΟΡΓΑΝΙΣΜΟΣ ΔΟΞΙΑΔΗ
ΣΑΣ ΣΥΜΠΑΡΑΣΤΑΤΑΙ ΥΠΕΥΘΥΝΟΣ ΕΙΣ ΤΗΝ ΣΥΛΛΗΨΙΝ, ΕΠΕΞΕΡΓΑΣΙΑΝ ΚΑΙ ΕΦΑΡΜΟΓΗΝ ΤΩΝ ΠΡΟΓΡΑΜΜΑΤΩΝ ΣΑΣ
ΠΛΗΡΟΦΟΡΙΑΙ: ΚΑΘΗΜΕΡΙΝΩΣ 8 π.μ.—8 μ.μ. ΤΗΛΕΦ. 623.601 ΥΠΗΡΕΣΙΑ ΠΛΗΡΟΦΟΡΙΩΝ
